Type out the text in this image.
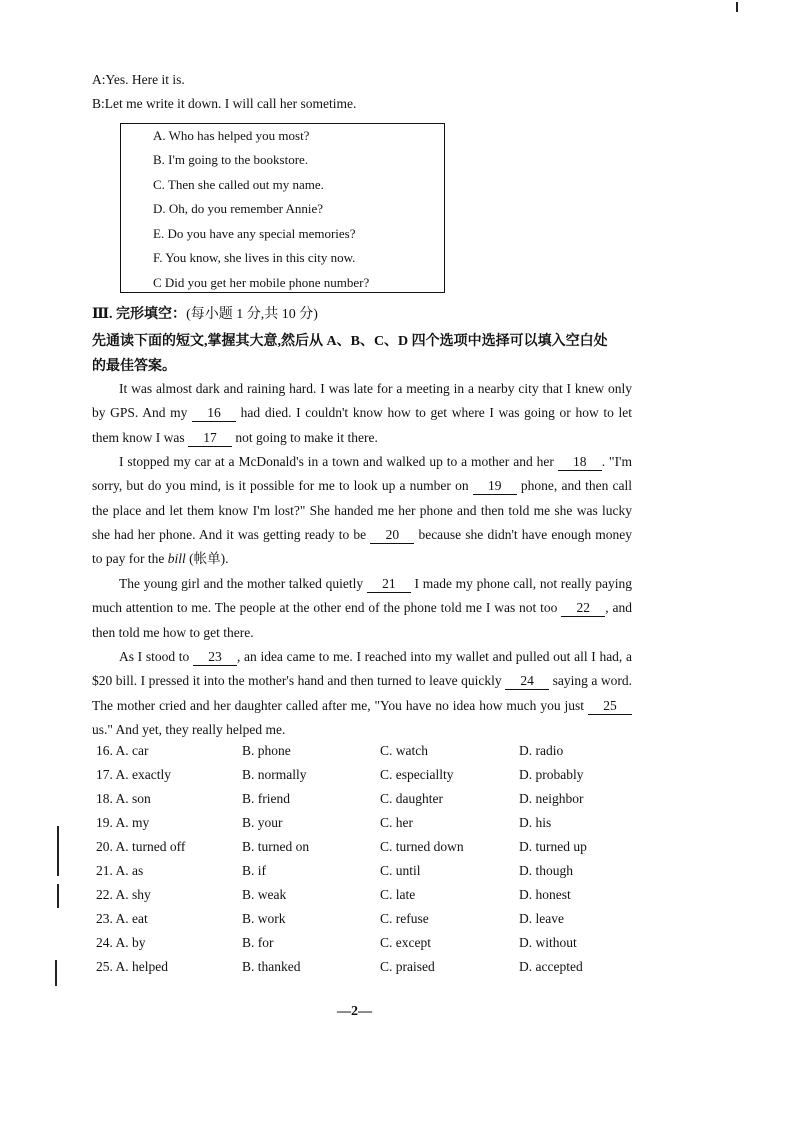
A:Yes. Here it is.
B:Let me write it down. I will call her sometime.
A. Who has helped you most?
B. I'm going to the bookstore.
C. Then she called out my name.
D. Oh, do you remember Annie?
E. Do you have any special memories?
F. You know, she lives in this city now.
C Did you get her mobile phone number?
Ⅲ. 完形填空：(每小题 1 分,共 10 分)
先通读下面的短文,掌握其大意,然后从 A、B、C、D 四个选项中选择可以填入空白处
的最佳答案。
It was almost dark and raining hard. I was late for a meeting in a nearby city that I knew only by GPS. And my 16 had died. I couldn't know how to get where I was going or how to let them know I was 17 not going to make it there.
I stopped my car at a McDonald's in a town and walked up to a mother and her 18 . "I'm sorry, but do you mind, is it possible for me to look up a number on 19 phone, and then call the place and let them know I'm lost?" She handed me her phone and then told me she was lucky she had her phone. And it was getting ready to be 20 because she didn't have enough money to pay for the bill (帐单).
The young girl and the mother talked quietly 21 I made my phone call, not really paying much attention to me. The people at the other end of the phone told me I was not too 22 , and then told me how to get there.
As I stood to 23 , an idea came to me. I reached into my wallet and pulled out all I had, a $20 bill. I pressed it into the mother's hand and then turned to leave quickly 24 saying a word. The mother cried and her daughter called after me, "You have no idea how much you just 25 us." And yet, they really helped me.
16. A. car	B. phone	C. watch	D. radio
17. A. exactly	B. normally	C. especiallty	D. probably
18. A. son	B. friend	C. daughter	D. neighbor
19. A. my	B. your	C. her	D. his
20. A. turned off	B. turned on	C. turned down	D. turned up
21. A. as	B. if	C. until	D. though
22. A. shy	B. weak	C. late	D. honest
23. A. eat	B. work	C. refuse	D. leave
24. A. by	B. for	C. except	D. without
25. A. helped	B. thanked	C. praised	D. accepted
—2—
